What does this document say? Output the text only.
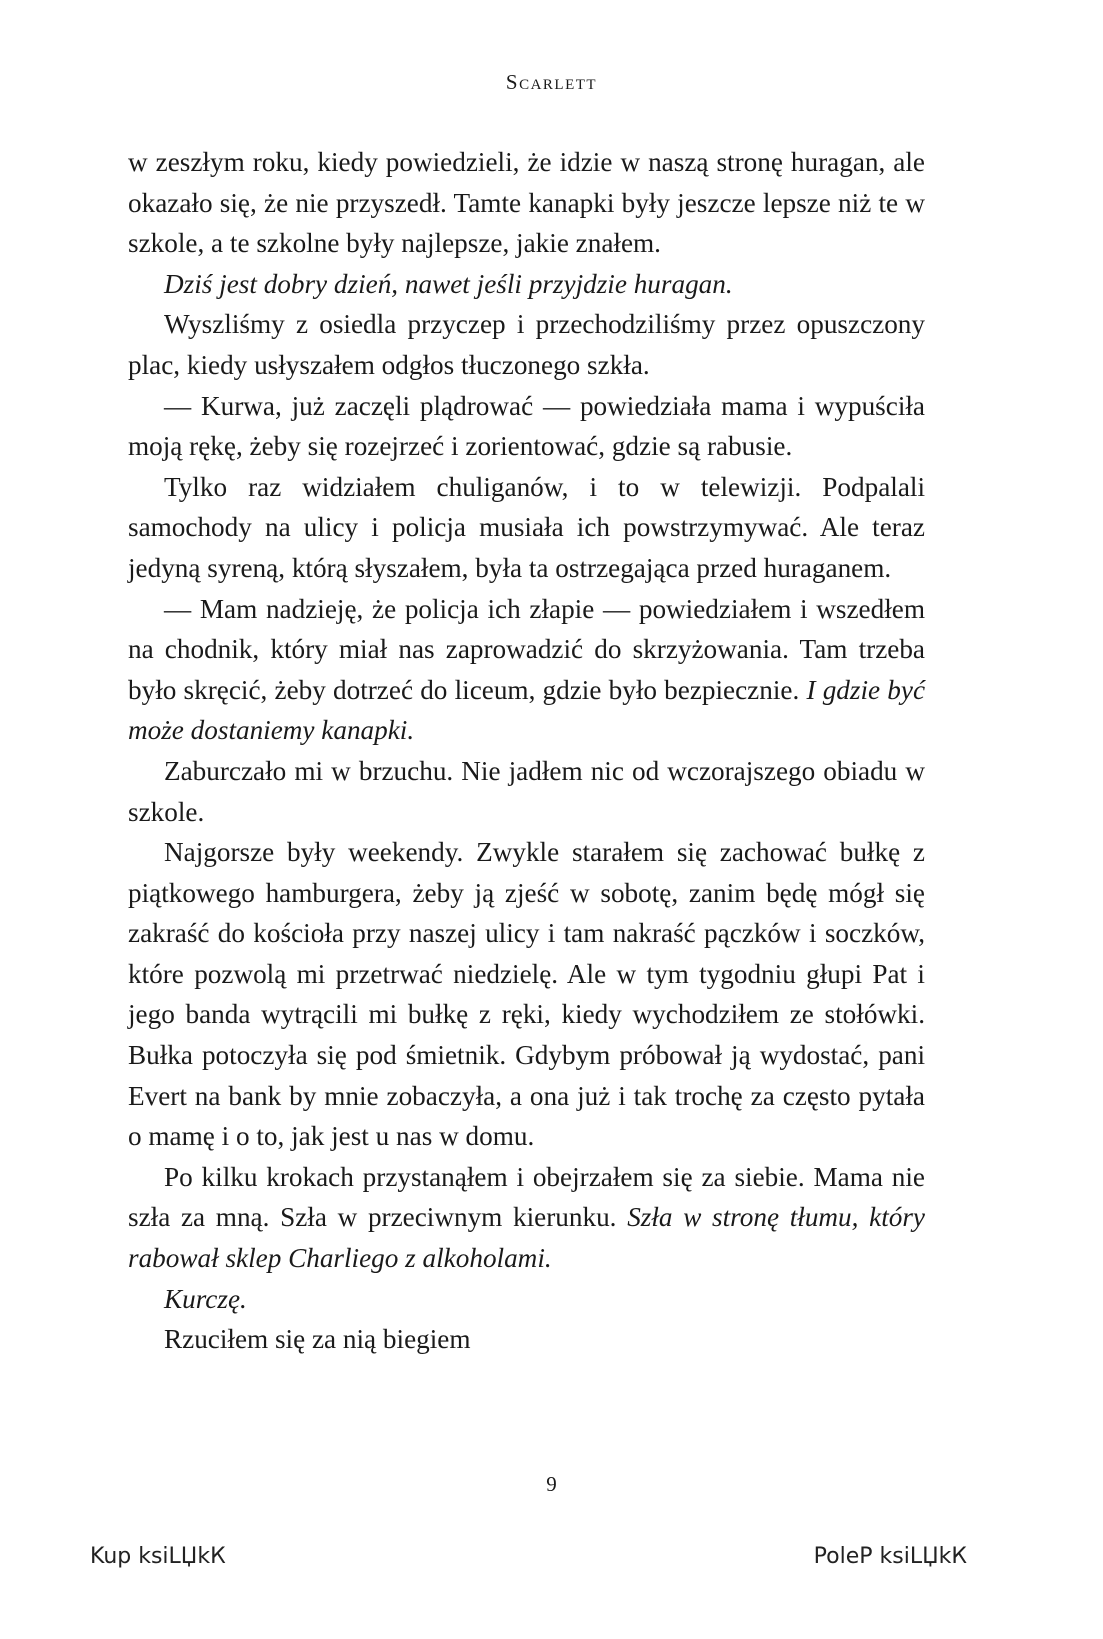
Scarlett

w zeszłym roku, kiedy powiedzieli, że idzie w naszą stronę huragan, ale okazało się, że nie przyszedł. Tamte kanapki były jeszcze lepsze niż te w szkole, a te szkolne były najlepsze, jakie znałem.

Dziś jest dobry dzień, nawet jeśli przyjdzie huragan.

Wyszliśmy z osiedla przyczep i przechodziliśmy przez opuszczony plac, kiedy usłyszałem odgłos tłuczonego szkła.

— Kurwa, już zaczęli plądrować — powiedziała mama i wypuściła moją rękę, żeby się rozejrzeć i zorientować, gdzie są rabusie.

Tylko raz widziałem chuliganów, i to w telewizji. Podpalali samochody na ulicy i policja musiała ich powstrzymywać. Ale teraz jedyną syreną, którą słyszałem, była ta ostrzegająca przed huraganem.

— Mam nadzieję, że policja ich złapie — powiedziałem i wszedłem na chodnik, który miał nas zaprowadzić do skrzyżowania. Tam trzeba było skręcić, żeby dotrzeć do liceum, gdzie było bezpiecznie. I gdzie być może dostaniemy kanapki.

Zaburczało mi w brzuchu. Nie jadłem nic od wczorajszego obiadu w szkole.

Najgorsze były weekendy. Zwykle starałem się zachować bułkę z piątkowego hamburgera, żeby ją zjeść w sobotę, zanim będę mógł się zakraść do kościoła przy naszej ulicy i tam nakraść pączków i soczków, które pozwolą mi przetrwać niedzielę. Ale w tym tygodniu głupi Pat i jego banda wytrącili mi bułkę z ręki, kiedy wychodziłem ze stołówki. Bułka potoczyła się pod śmietnik. Gdybym próbował ją wydostać, pani Evert na bank by mnie zobaczyła, a ona już i tak trochę za często pytała o mamę i o to, jak jest u nas w domu.

Po kilku krokach przystanąłem i obejrzałem się za siebie. Mama nie szła za mną. Szła w przeciwnym kierunku. Szła w stronę tłumu, który rabował sklep Charliego z alkoholami.

Kurczę.

Rzuciłem się za nią biegiem

9
Kup ksiLЏkК	PoleР ksiLЏkК
